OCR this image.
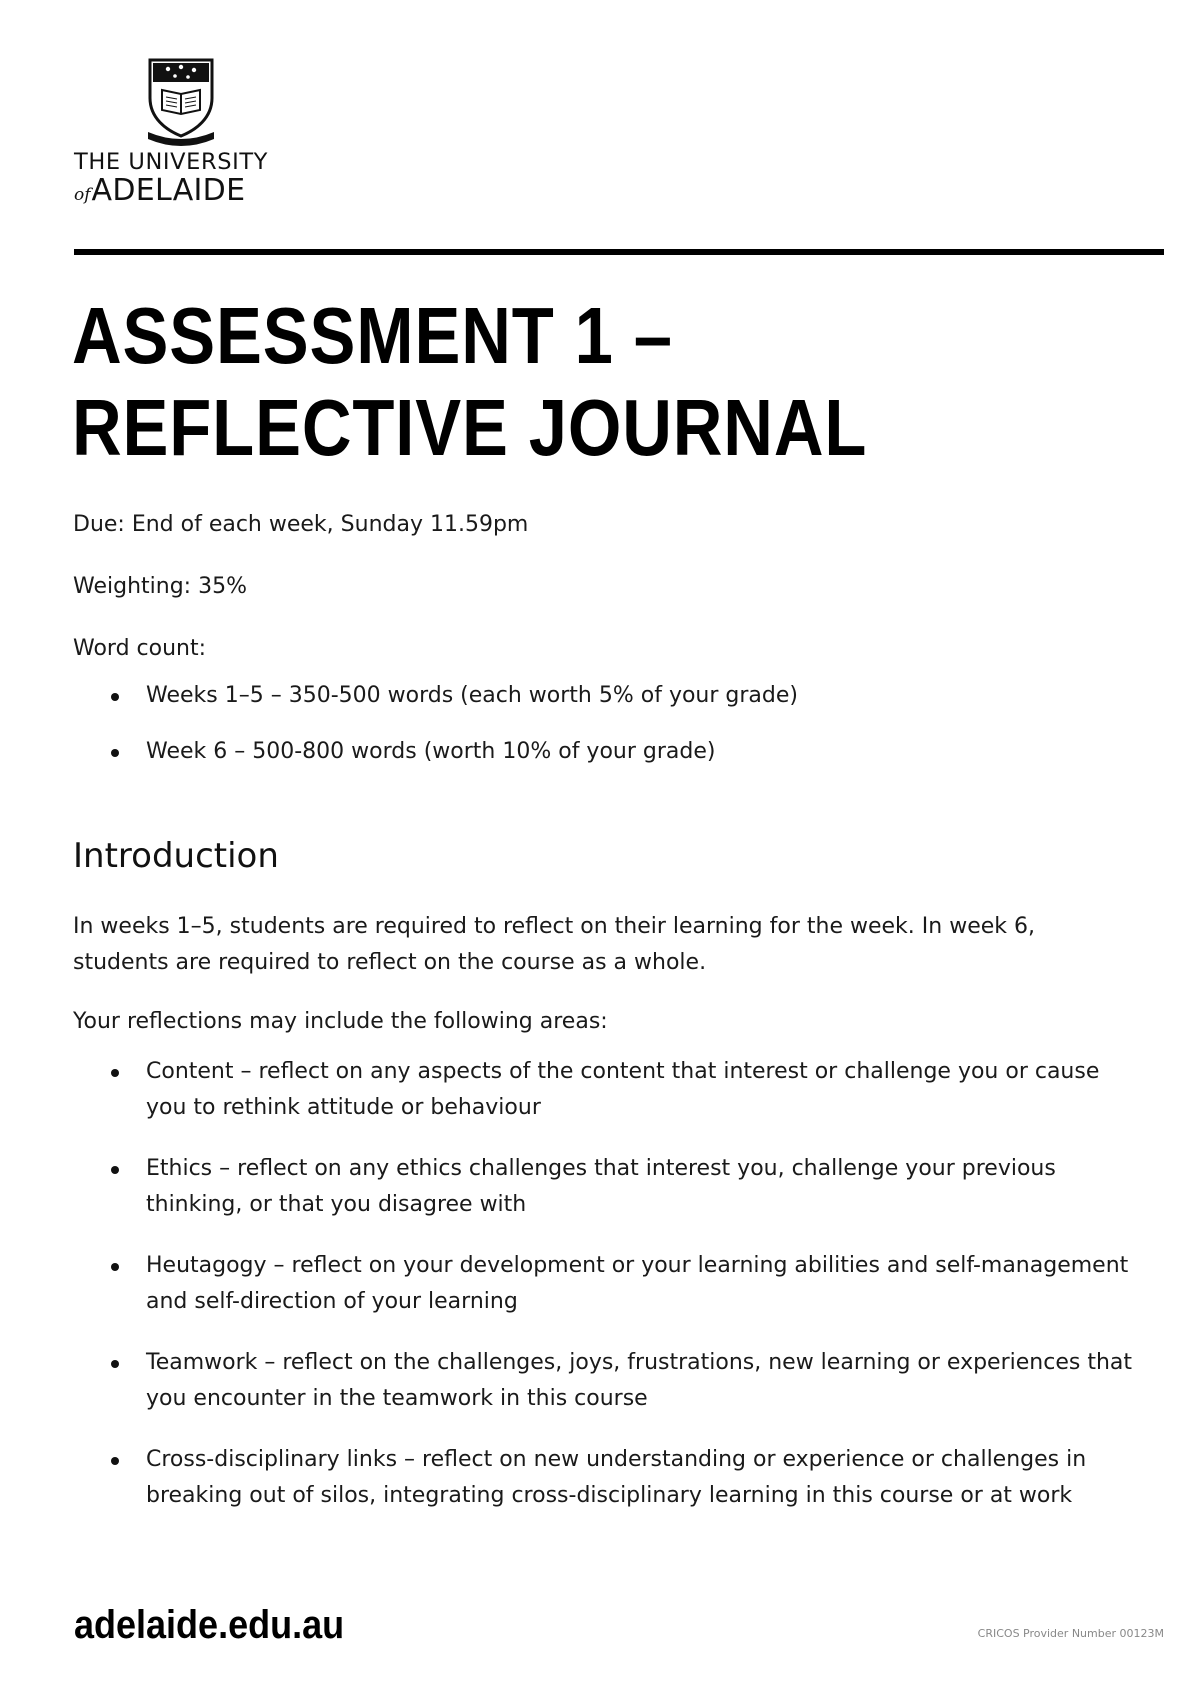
THE UNIVERSITY
ofADELAIDE
ASSESSMENT 1 – REFLECTIVE JOURNAL

Due: End of each week, Sunday 11.59pm

Weighting: 35%

Word count:

Weeks 1–5 – 350-500 words (each worth 5% of your grade)
Week 6 – 500-800 words (worth 10% of your grade)
Introduction

In weeks 1–5, students are required to reflect on their learning for the week. In week 6, students are required to reflect on the course as a whole.

Your reflections may include the following areas:

Content – reflect on any aspects of the content that interest or challenge you or cause you to rethink attitude or behaviour
Ethics – reflect on any ethics challenges that interest you, challenge your previous thinking, or that you disagree with
Heutagogy – reflect on your development or your learning abilities and self-management and self-direction of your learning
Teamwork – reflect on the challenges, joys, frustrations, new learning or experiences that you encounter in the teamwork in this course
Cross-disciplinary links – reflect on new understanding or experience or challenges in breaking out of silos, integrating cross-disciplinary learning in this course or at work
adelaide.edu.au	CRICOS Provider Number 00123M
